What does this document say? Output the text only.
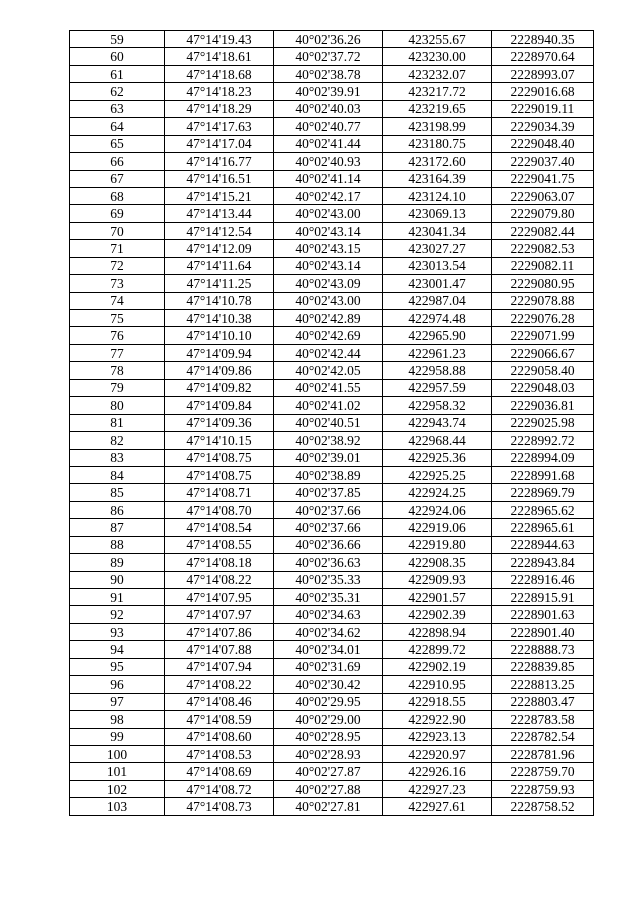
59	47°14'19.43	40°02'36.26	423255.67	2228940.35
60	47°14'18.61	40°02'37.72	423230.00	2228970.64
61	47°14'18.68	40°02'38.78	423232.07	2228993.07
62	47°14'18.23	40°02'39.91	423217.72	2229016.68
63	47°14'18.29	40°02'40.03	423219.65	2229019.11
64	47°14'17.63	40°02'40.77	423198.99	2229034.39
65	47°14'17.04	40°02'41.44	423180.75	2229048.40
66	47°14'16.77	40°02'40.93	423172.60	2229037.40
67	47°14'16.51	40°02'41.14	423164.39	2229041.75
68	47°14'15.21	40°02'42.17	423124.10	2229063.07
69	47°14'13.44	40°02'43.00	423069.13	2229079.80
70	47°14'12.54	40°02'43.14	423041.34	2229082.44
71	47°14'12.09	40°02'43.15	423027.27	2229082.53
72	47°14'11.64	40°02'43.14	423013.54	2229082.11
73	47°14'11.25	40°02'43.09	423001.47	2229080.95
74	47°14'10.78	40°02'43.00	422987.04	2229078.88
75	47°14'10.38	40°02'42.89	422974.48	2229076.28
76	47°14'10.10	40°02'42.69	422965.90	2229071.99
77	47°14'09.94	40°02'42.44	422961.23	2229066.67
78	47°14'09.86	40°02'42.05	422958.88	2229058.40
79	47°14'09.82	40°02'41.55	422957.59	2229048.03
80	47°14'09.84	40°02'41.02	422958.32	2229036.81
81	47°14'09.36	40°02'40.51	422943.74	2229025.98
82	47°14'10.15	40°02'38.92	422968.44	2228992.72
83	47°14'08.75	40°02'39.01	422925.36	2228994.09
84	47°14'08.75	40°02'38.89	422925.25	2228991.68
85	47°14'08.71	40°02'37.85	422924.25	2228969.79
86	47°14'08.70	40°02'37.66	422924.06	2228965.62
87	47°14'08.54	40°02'37.66	422919.06	2228965.61
88	47°14'08.55	40°02'36.66	422919.80	2228944.63
89	47°14'08.18	40°02'36.63	422908.35	2228943.84
90	47°14'08.22	40°02'35.33	422909.93	2228916.46
91	47°14'07.95	40°02'35.31	422901.57	2228915.91
92	47°14'07.97	40°02'34.63	422902.39	2228901.63
93	47°14'07.86	40°02'34.62	422898.94	2228901.40
94	47°14'07.88	40°02'34.01	422899.72	2228888.73
95	47°14'07.94	40°02'31.69	422902.19	2228839.85
96	47°14'08.22	40°02'30.42	422910.95	2228813.25
97	47°14'08.46	40°02'29.95	422918.55	2228803.47
98	47°14'08.59	40°02'29.00	422922.90	2228783.58
99	47°14'08.60	40°02'28.95	422923.13	2228782.54
100	47°14'08.53	40°02'28.93	422920.97	2228781.96
101	47°14'08.69	40°02'27.87	422926.16	2228759.70
102	47°14'08.72	40°02'27.88	422927.23	2228759.93
103	47°14'08.73	40°02'27.81	422927.61	2228758.52
